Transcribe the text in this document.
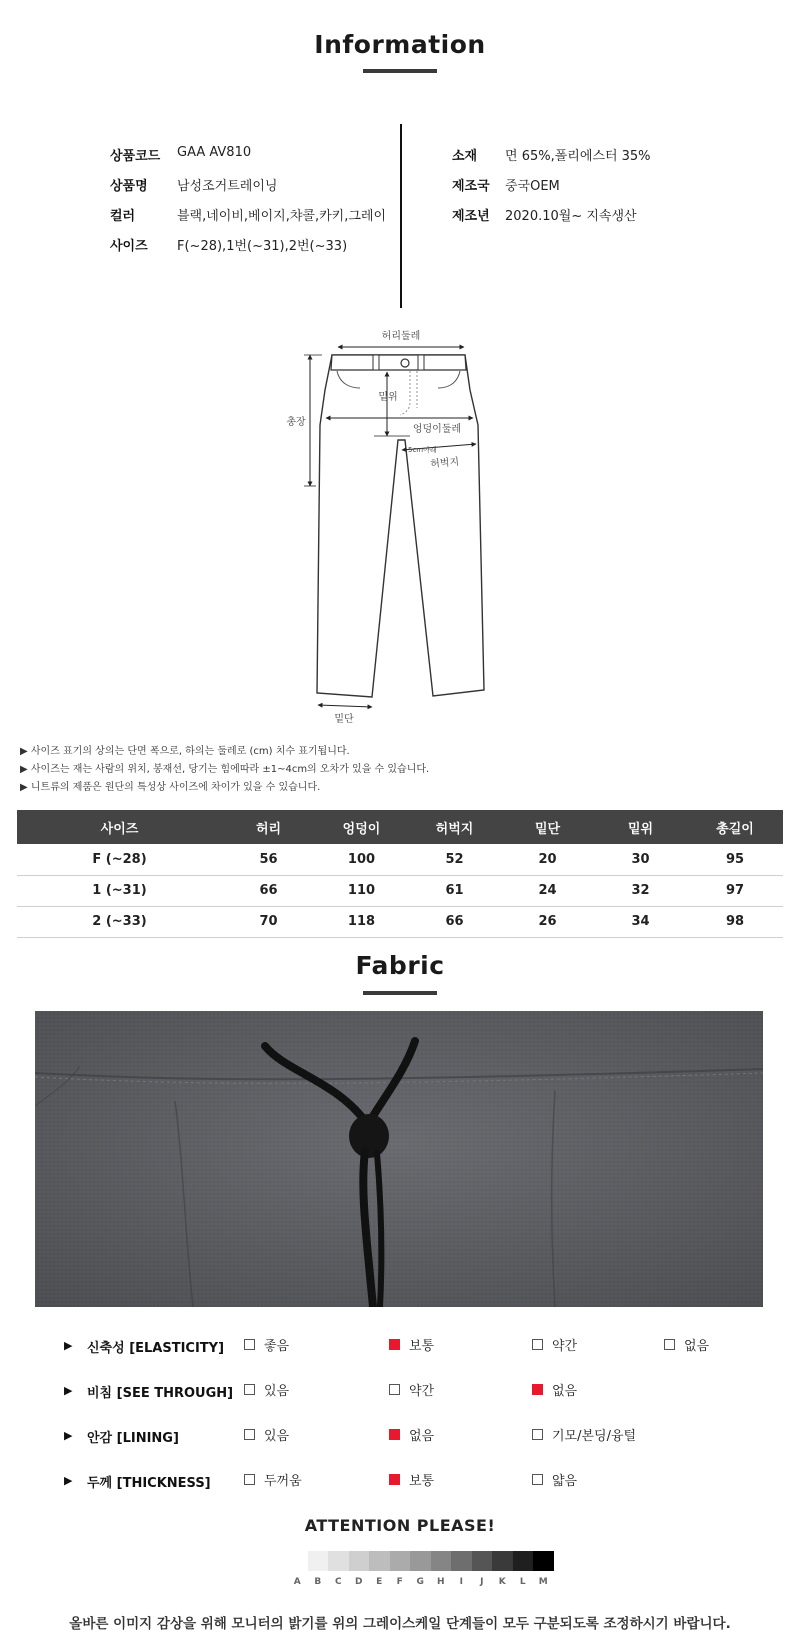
Information
상품코드 GAA AV810
상품명 남성조거트레이닝
컬러	블랙,네이비,베이지,챠콜,카키,그레이
사이즈 F(~28),1번(~31),2번(~33)
소재 면 65%,폴리에스터 35%
제조국 중국OEM
제조년 2020.10월~ 지속생산
허리둘레
밑위
엉덩이둘레
5cm아래
허벅지
총장
밑단
▶ 사이즈 표기의 상의는 단면 폭으로, 하의는 둘레로 (cm) 치수 표기됩니다.
▶ 사이즈는 재는 사람의 위치, 봉재선, 당기는 힘에따라 ±1~4cm의 오차가 있을 수 있습니다.
▶ 니트류의 제품은 원단의 특성상 사이즈에 차이가 있을 수 있습니다.
사이즈	허리	엉덩이	허벅지	밑단	밑위	총길이
F (~28)	56	100	52	20	30	95
1 (~31)	66	110	61	24	32	97
2 (~33)	70	118	66	26	34	98
Fabric
▶ 신축성 [ELASTICITY]	좋음	보통	약간	없음
▶ 비침 [SEE THROUGH] 있음	약간	없음
▶ 안감 [LINING]	있음	없음	기모/본딩/융털
▶ 두께 [THICKNESS]	두꺼움	보통	얇음
ATTENTION PLEASE!
A	B	C	D	E	F	G	H	I	J	K	L	M
올바른 이미지 감상을 위해 모니터의 밝기를 위의 그레이스케일 단계들이 모두 구분되도록 조정하시기 바랍니다.
